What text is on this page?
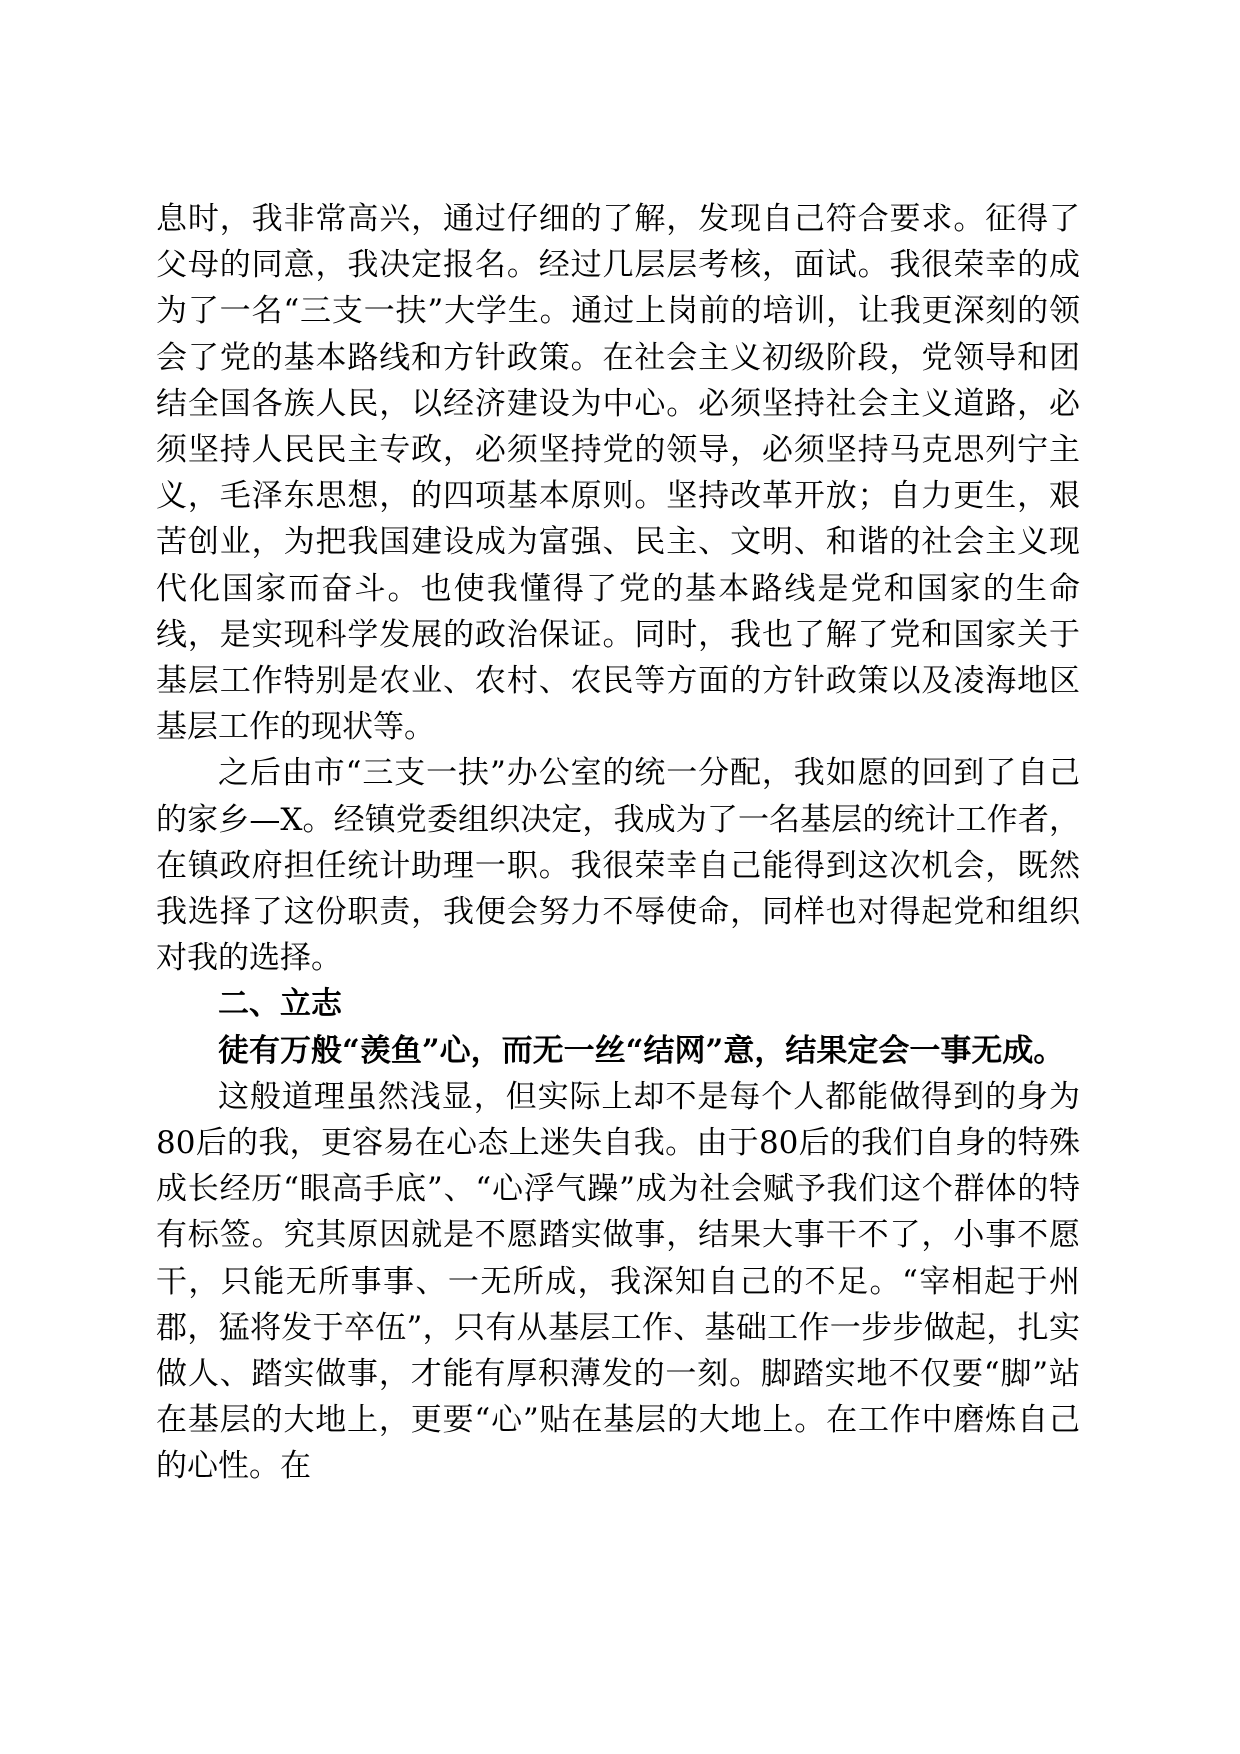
息时，我非常高兴，通过仔细的了解，发现自己符合要求。征得了父母的同意，我决定报名。经过几层层考核，面试。我很荣幸的成为了一名“三支一扶”大学生。通过上岗前的培训，让我更深刻的领会了党的基本路线和方针政策。在社会主义初级阶段，党领导和团结全国各族人民，以经济建设为中心。必须坚持社会主义道路，必须坚持人民民主专政，必须坚持党的领导，必须坚持马克思列宁主义，毛泽东思想，的四项基本原则。坚持改革开放；自力更生，艰苦创业，为把我国建设成为富强、民主、文明、和谐的社会主义现代化国家而奋斗。也使我懂得了党的基本路线是党和国家的生命线，是实现科学发展的政治保证。同时，我也了解了党和国家关于基层工作特别是农业、农村、农民等方面的方针政策以及凌海地区基层工作的现状等。

之后由市“三支一扶”办公室的统一分配，我如愿的回到了自己的家乡—X。经镇党委组织决定，我成为了一名基层的统计工作者，在镇政府担任统计助理一职。我很荣幸自己能得到这次机会，既然我选择了这份职责，我便会努力不辱使命，同样也对得起党和组织对我的选择。

二、立志

徒有万般“羡鱼”心，而无一丝“结网”意，结果定会一事无成。

这般道理虽然浅显，但实际上却不是每个人都能做得到的身为80后的我，更容易在心态上迷失自我。由于80后的我们自身的特殊成长经历“眼高手底”、“心浮气躁”成为社会赋予我们这个群体的特有标签。究其原因就是不愿踏实做事，结果大事干不了，小事不愿干，只能无所事事、一无所成，我深知自己的不足。“宰相起于州郡，猛将发于卒伍”，只有从基层工作、基础工作一步步做起，扎实做人、踏实做事，才能有厚积薄发的一刻。脚踏实地不仅要“脚”站在基层的大地上，更要“心”贴在基层的大地上。在工作中磨炼自己的心性。在
